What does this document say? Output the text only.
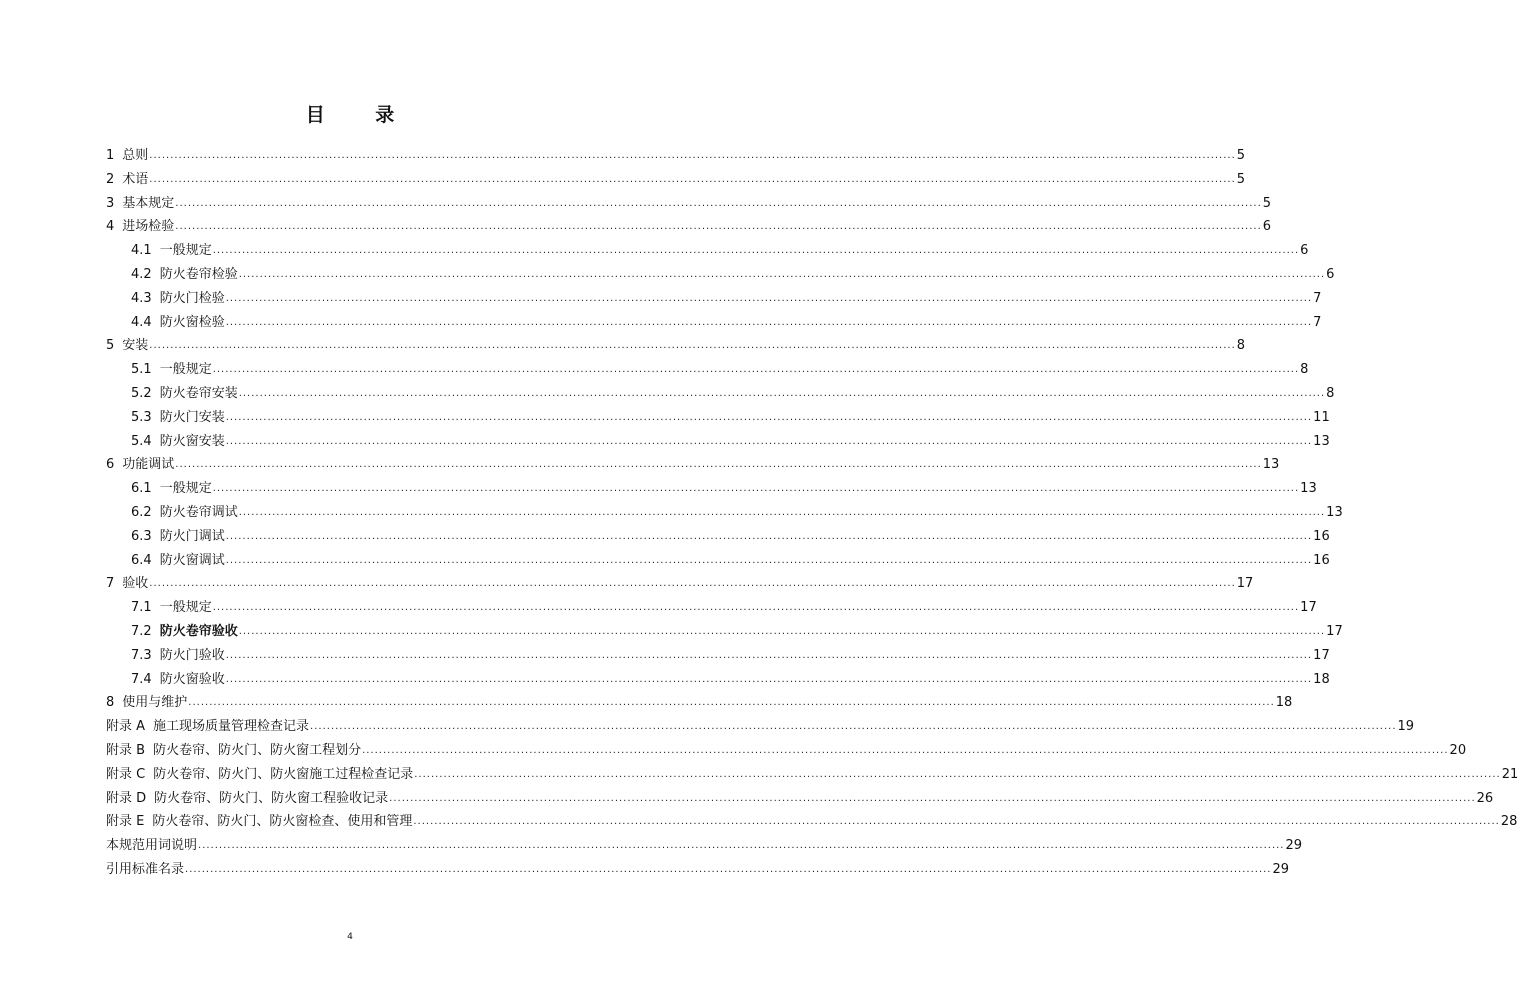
目 录
1 总则 .................................................................................................................................................................................................................................................................... 5
2 术语 .................................................................................................................................................................................................................................................................... 5
3 基本规定 .................................................................................................................................................................................................................................................................... 5
4 进场检验 .................................................................................................................................................................................................................................................................... 6
4.1 一般规定 .................................................................................................................................................................................................................................................................... 6
4.2 防火卷帘检验 .................................................................................................................................................................................................................................................................... 6
4.3 防火门检验 .................................................................................................................................................................................................................................................................... 7
4.4 防火窗检验 .................................................................................................................................................................................................................................................................... 7
5 安装 .................................................................................................................................................................................................................................................................... 8
5.1 一般规定 .................................................................................................................................................................................................................................................................... 8
5.2 防火卷帘安装 .................................................................................................................................................................................................................................................................... 8
5.3 防火门安装 .................................................................................................................................................................................................................................................................... 11
5.4 防火窗安装 .................................................................................................................................................................................................................................................................... 13
6 功能调试 .................................................................................................................................................................................................................................................................... 13
6.1 一般规定 .................................................................................................................................................................................................................................................................... 13
6.2 防火卷帘调试 .................................................................................................................................................................................................................................................................... 13
6.3 防火门调试 .................................................................................................................................................................................................................................................................... 16
6.4 防火窗调试 .................................................................................................................................................................................................................................................................... 16
7 验收 .................................................................................................................................................................................................................................................................... 17
7.1 一般规定 .................................................................................................................................................................................................................................................................... 17
7.2 防火卷帘验收 .................................................................................................................................................................................................................................................................... 17
7.3 防火门验收 .................................................................................................................................................................................................................................................................... 17
7.4 防火窗验收 .................................................................................................................................................................................................................................................................... 18
8 使用与维护 .................................................................................................................................................................................................................................................................... 18
附录 A 施工现场质量管理检查记录 .................................................................................................................................................................................................................................................................... 19
附录 B 防火卷帘、防火门、防火窗工程划分 .................................................................................................................................................................................................................................................................... 20
附录 C 防火卷帘、防火门、防火窗施工过程检查记录 .................................................................................................................................................................................................................................................................... 21
附录 D 防火卷帘、防火门、防火窗工程验收记录 .................................................................................................................................................................................................................................................................... 26
附录 E 防火卷帘、防火门、防火窗检查、使用和管理 .................................................................................................................................................................................................................................................................... 28
本规范用词说明 .................................................................................................................................................................................................................................................................... 29
引用标准名录 .................................................................................................................................................................................................................................................................... 29
4
